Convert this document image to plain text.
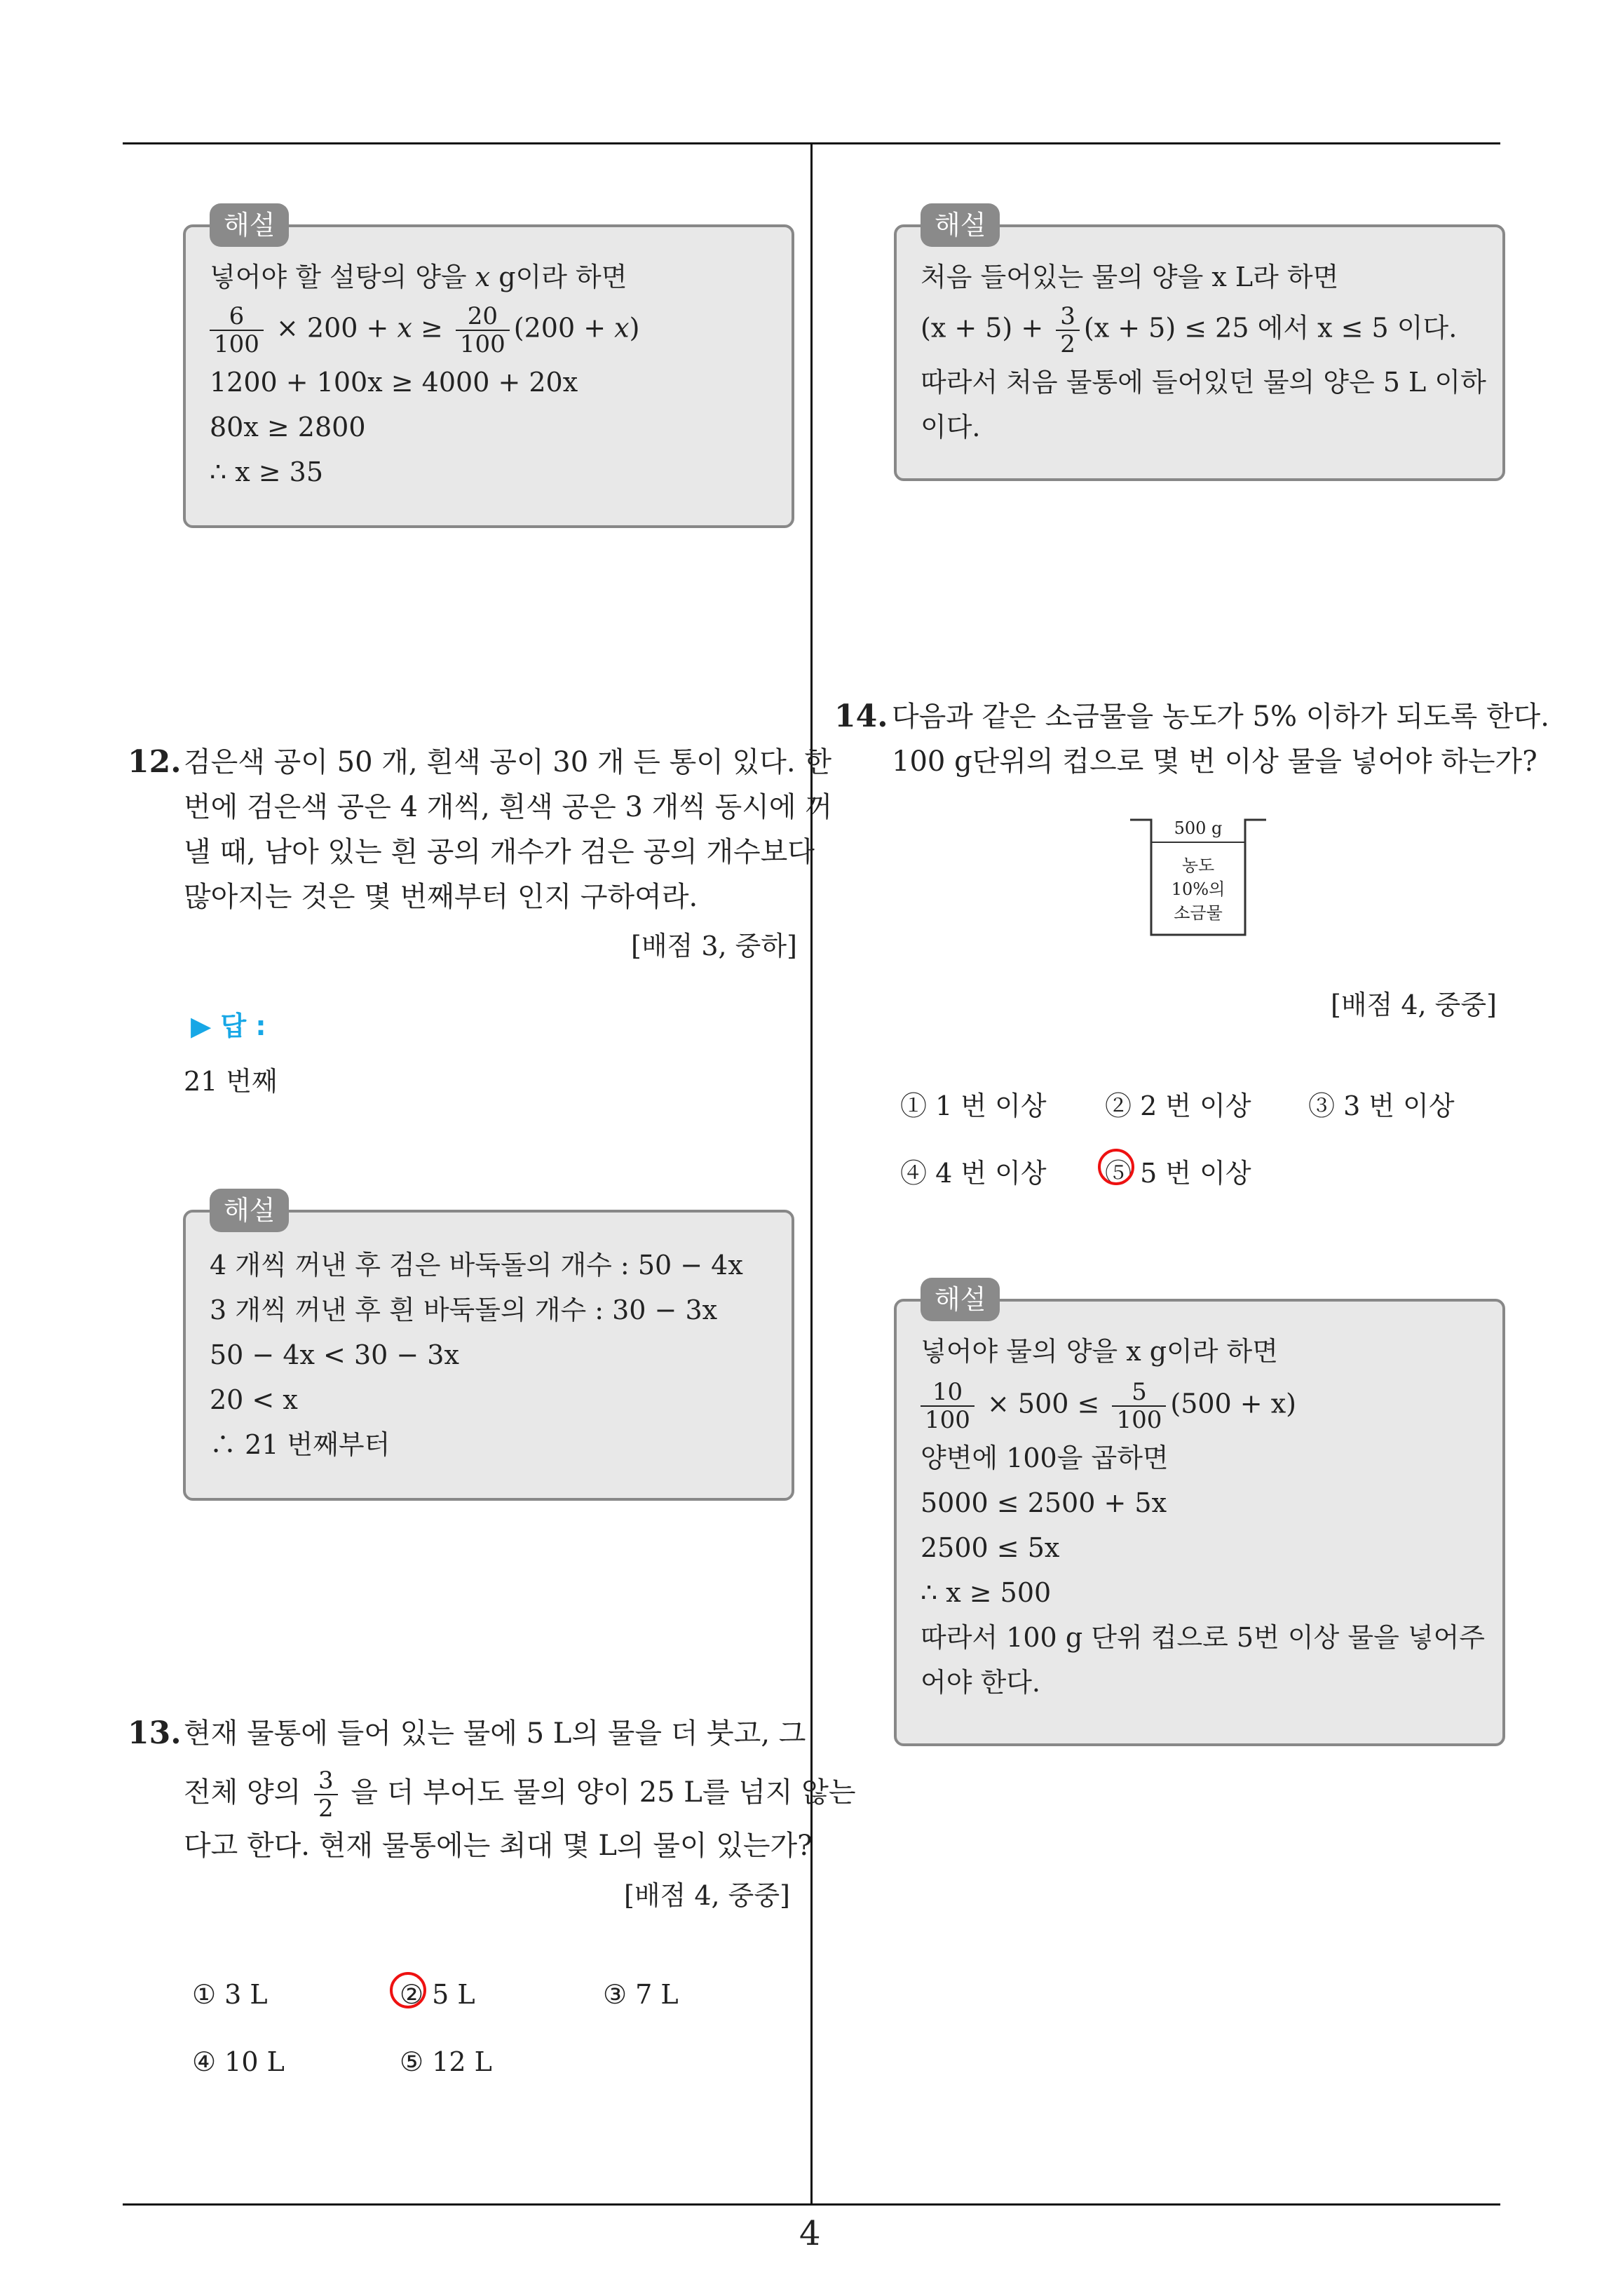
4
해설
넣어야 할 설탕의 양을 x g이라 하면
$\frac{6}{100} \times 200 + x \ge \frac{20}{100} (200 + x)$
1200 + 100x ≥ 4000 + 20x
80x ≥ 2800
∴ x ≥ 35
12. 검은색 공이 50 개, 흰색 공이 30 개 든 통이 있다. 한
번에 검은색 공은 4 개씩, 흰색 공은 3 개씩 동시에 꺼
낼 때, 남아 있는 흰 공의 개수가 검은 공의 개수보다
많아지는 것은 몇 번째부터 인지 구하여라.
[배점 3, 중하]
▶ 답 :
21 번째
해설
4 개씩 꺼낸 후 검은 바둑돌의 개수 : 50 − 4x
3 개씩 꺼낸 후 흰 바둑돌의 개수 : 30 − 3x
50 − 4x < 30 − 3x
20 < x
∴ 21 번째부터
13. 현재 물통에 들어 있는 물에 5 L의 물을 더 붓고, 그
전체 양의 $\frac{3}{2}$ 을 더 부어도 물의 양이 25 L를 넘지 않는
다고 한다. 현재 물통에는 최대 몇 L의 물이 있는가?
[배점 4, 중중]
① 3 L	② 5 L	③ 7 L
④ 10 L	⑤ 12 L
해설
처음 들어있는 물의 양을 x L라 하면
$(x + 5) + \frac{3}{2} (x + 5) \le 25$ 에서 x ≤ 5 이다.
따라서 처음 물통에 들어있던 물의 양은 5 L 이하
이다.
14. 다음과 같은 소금물을 농도가 5% 이하가 되도록 한다.
100 g단위의 컵으로 몇 번 이상 물을 넣어야 하는가?
500 g
농도
10%의
소금물
[배점 4, 중중]
① 1 번 이상 ② 2 번 이상 ③ 3 번 이상
④ 4 번 이상 ⑤ 5 번 이상
해설
넣어야 물의 양을 x g이라 하면
$\frac{10}{100} \times 500 \le \frac{5}{100} (500 + x)$
양변에 100을 곱하면
5000 ≤ 2500 + 5x
2500 ≤ 5x
∴ x ≥ 500
따라서 100 g 단위 컵으로 5번 이상 물을 넣어주
어야 한다.
